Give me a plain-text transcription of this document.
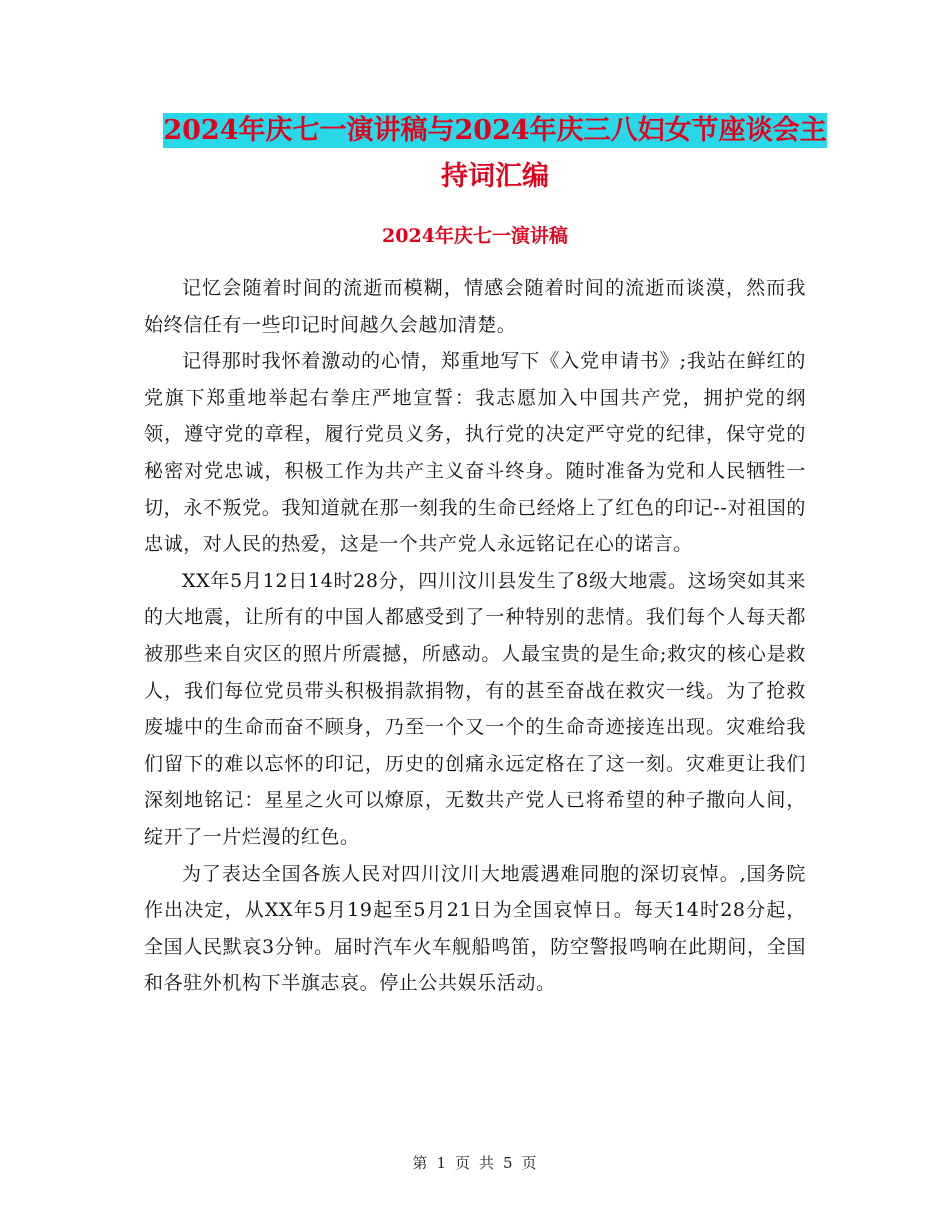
2024年庆七一演讲稿与2024年庆三八妇女节座谈会主
持词汇编
2024年庆七一演讲稿

记忆会随着时间的流逝而模糊，情感会随着时间的流逝而谈漠，然而我始终信任有一些印记时间越久会越加清楚。

记得那时我怀着激动的心情，郑重地写下《入党申请书》;我站在鲜红的党旗下郑重地举起右拳庄严地宣誓：我志愿加入中国共产党，拥护党的纲领，遵守党的章程，履行党员义务，执行党的决定严守党的纪律，保守党的秘密对党忠诚，积极工作为共产主义奋斗终身。随时准备为党和人民牺牲一切，永不叛党。我知道就在那一刻我的生命已经烙上了红色的印记--对祖国的忠诚，对人民的热爱，这是一个共产党人永远铭记在心的诺言。

XX年5月12日14时28分，四川汶川县发生了8级大地震。这场突如其来的大地震，让所有的中国人都感受到了一种特别的悲情。我们每个人每天都被那些来自灾区的照片所震撼，所感动。人最宝贵的是生命;救灾的核心是救人，我们每位党员带头积极捐款捐物，有的甚至奋战在救灾一线。为了抢救废墟中的生命而奋不顾身，乃至一个又一个的生命奇迹接连出现。灾难给我们留下的难以忘怀的印记，历史的创痛永远定格在了这一刻。灾难更让我们深刻地铭记：星星之火可以燎原，无数共产党人已将希望的种子撒向人间，绽开了一片烂漫的红色。

为了表达全国各族人民对四川汶川大地震遇难同胞的深切哀悼。,国务院作出决定，从XX年5月19起至5月21日为全国哀悼日。每天14时28分起，全国人民默哀3分钟。届时汽车火车舰船鸣笛，防空警报鸣响在此期间，全国和各驻外机构下半旗志哀。停止公共娱乐活动。

第 1 页 共 5 页
